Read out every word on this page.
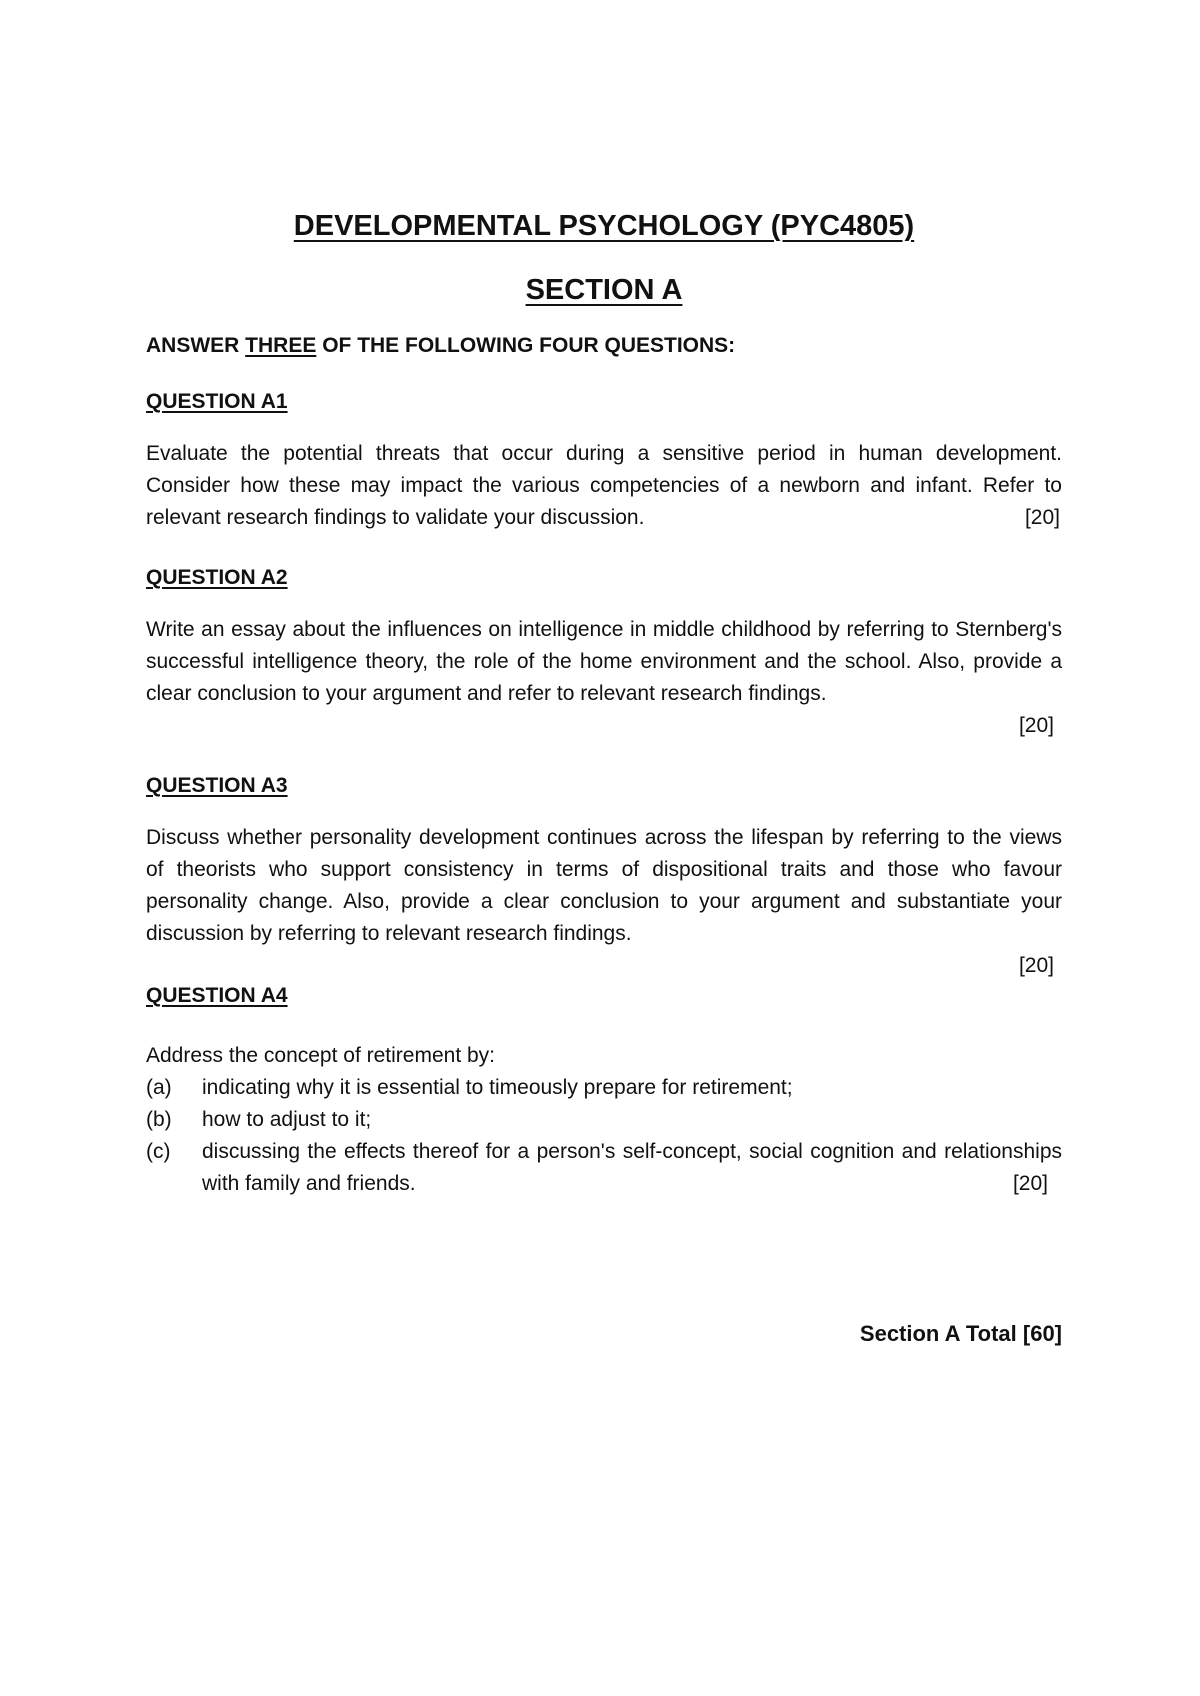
DEVELOPMENTAL PSYCHOLOGY (PYC4805)
SECTION A
ANSWER THREE OF THE FOLLOWING FOUR QUESTIONS:
QUESTION A1

Evaluate the potential threats that occur during a sensitive period in human development. Consider how these may impact the various competencies of a newborn and infant. Refer to relevant research findings to validate your discussion.	[20]

QUESTION A2

Write an essay about the influences on intelligence in middle childhood by referring to Sternberg's successful intelligence theory, the role of the home environment and the school. Also, provide a clear conclusion to your argument and refer to relevant research findings.

[20]

QUESTION A3

Discuss whether personality development continues across the lifespan by referring to the views of theorists who support consistency in terms of dispositional traits and those who favour personality change. Also, provide a clear conclusion to your argument and substantiate your discussion by referring to relevant research findings.

[20]

QUESTION A4

Address the concept of retirement by:

(a)	indicating why it is essential to timeously prepare for retirement;
(b)	how to adjust to it;
(c)	discussing the effects thereof for a person's self-concept, social cognition and relationships with family and friends.	[20]
Section A Total [60]
